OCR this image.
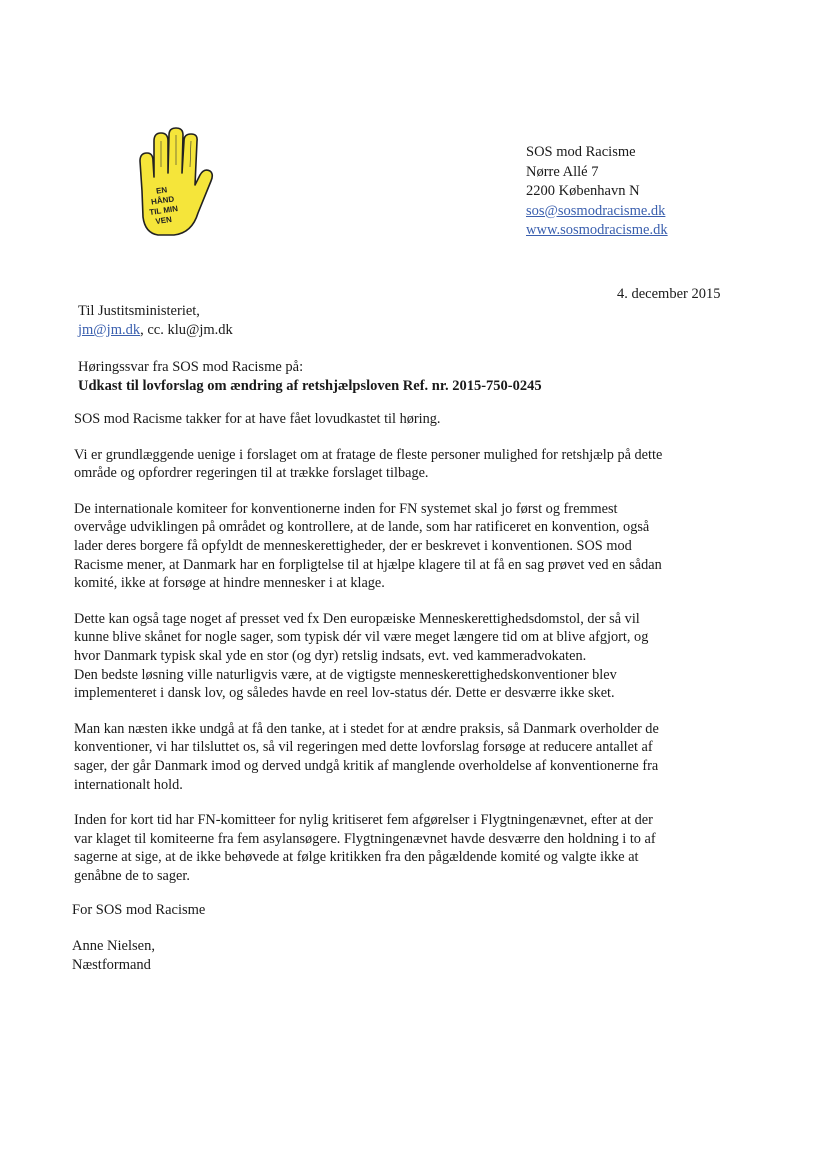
EN
HÅND
TIL MIN
VEN
SOS mod Racisme
Nørre Allé 7
2200 København N
sos@sosmodracisme.dk
www.sosmodracisme.dk
4. december 2015
Til Justitsministeriet,
jm@jm.dk, cc. klu@jm.dk
Høringssvar fra SOS mod Racisme på:
Udkast til lovforslag om ændring af retshjælpsloven Ref. nr. 2015-750-0245

SOS mod Racisme takker for at have fået lovudkastet til høring.

Vi er grundlæggende uenige i forslaget om at fratage de fleste personer mulighed for retshjælp på dette
område og opfordrer regeringen til at trække forslaget tilbage.

De internationale komiteer for konventionerne inden for FN systemet skal jo først og fremmest
overvåge udviklingen på området og kontrollere, at de lande, som har ratificeret en konvention, også
lader deres borgere få opfyldt de menneskerettigheder, der er beskrevet i konventionen. SOS mod
Racisme mener, at Danmark har en forpligtelse til at hjælpe klagere til at få en sag prøvet ved en sådan
komité, ikke at forsøge at hindre mennesker i at klage.

Dette kan også tage noget af presset ved fx Den europæiske Menneskerettighedsdomstol, der så vil
kunne blive skånet for nogle sager, som typisk dér vil være meget længere tid om at blive afgjort, og
hvor Danmark typisk skal yde en stor (og dyr) retslig indsats, evt. ved kammeradvokaten.
Den bedste løsning ville naturligvis være, at de vigtigste menneskerettighedskonventioner blev
implementeret i dansk lov, og således havde en reel lov-status dér. Dette er desværre ikke sket.

Man kan næsten ikke undgå at få den tanke, at i stedet for at ændre praksis, så Danmark overholder de
konventioner, vi har tilsluttet os, så vil regeringen med dette lovforslag forsøge at reducere antallet af
sager, der går Danmark imod og derved undgå kritik af manglende overholdelse af konventionerne fra
internationalt hold.

Inden for kort tid har FN-komitteer for nylig kritiseret fem afgørelser i Flygtningenævnet, efter at der
var klaget til komiteerne fra fem asylansøgere. Flygtningenævnet havde desværre den holdning i to af
sagerne at sige, at de ikke behøvede at følge kritikken fra den pågældende komité og valgte ikke at
genåbne de to sager.

For SOS mod Racisme
Anne Nielsen,
Næstformand
